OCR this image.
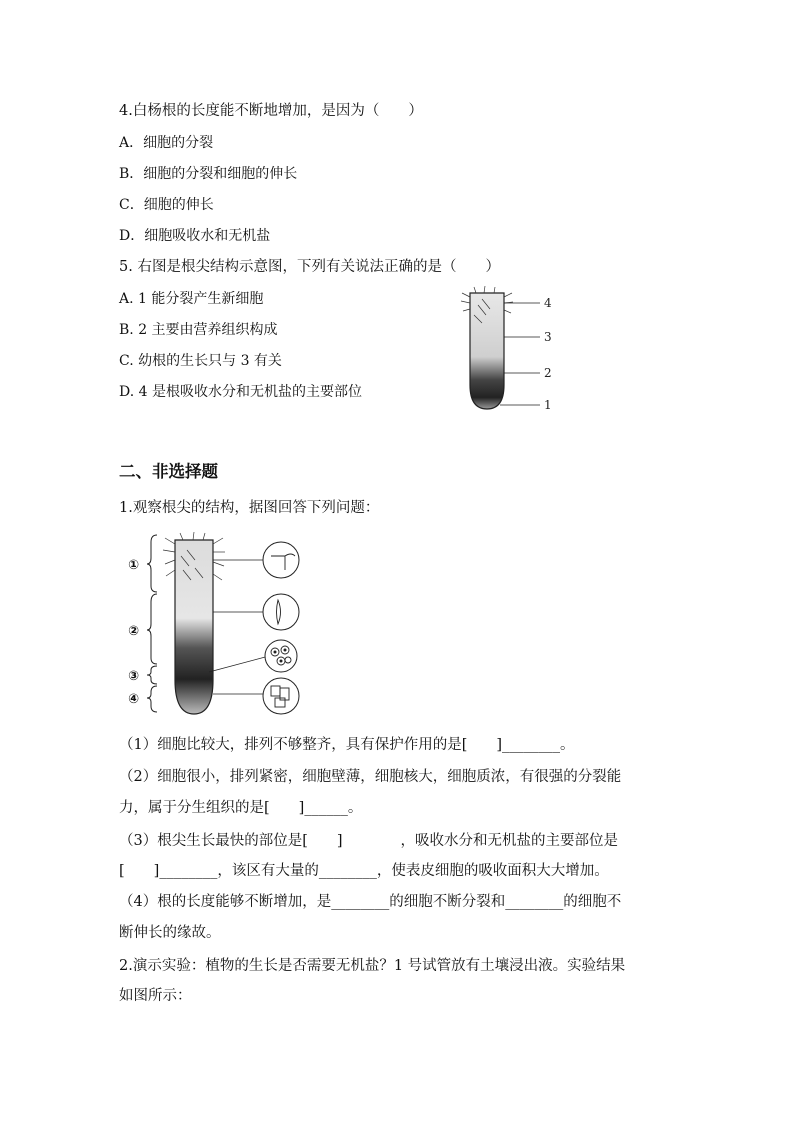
4.白杨根的长度能不断地增加，是因为（　　）
A．细胞的分裂
B．细胞的分裂和细胞的伸长
C．细胞的伸长
D．细胞吸收水和无机盐
5. 右图是根尖结构示意图，下列有关说法正确的是（　　）
A. 1 能分裂产生新细胞
B. 2 主要由营养组织构成
C. 幼根的生长只与 3 有关
D. 4 是根吸收水分和无机盐的主要部位
4
3
2
1
二、非选择题
1.观察根尖的结构，据图回答下列问题：
①
②
③
④
（1）细胞比较大，排列不够整齐，具有保护作用的是[　　]________。
（2）细胞很小，排列紧密，细胞壁薄，细胞核大，细胞质浓，有很强的分裂能
力，属于分生组织的是[　　]______。
（3）根尖生长最快的部位是[　　]　　　　，吸收水分和无机盐的主要部位是
[　　]________，该区有大量的________，使表皮细胞的吸收面积大大增加。
（4）根的长度能够不断增加，是________的细胞不断分裂和________的细胞不
断伸长的缘故。
2.演示实验：植物的生长是否需要无机盐？1 号试管放有土壤浸出液。实验结果
如图所示：
